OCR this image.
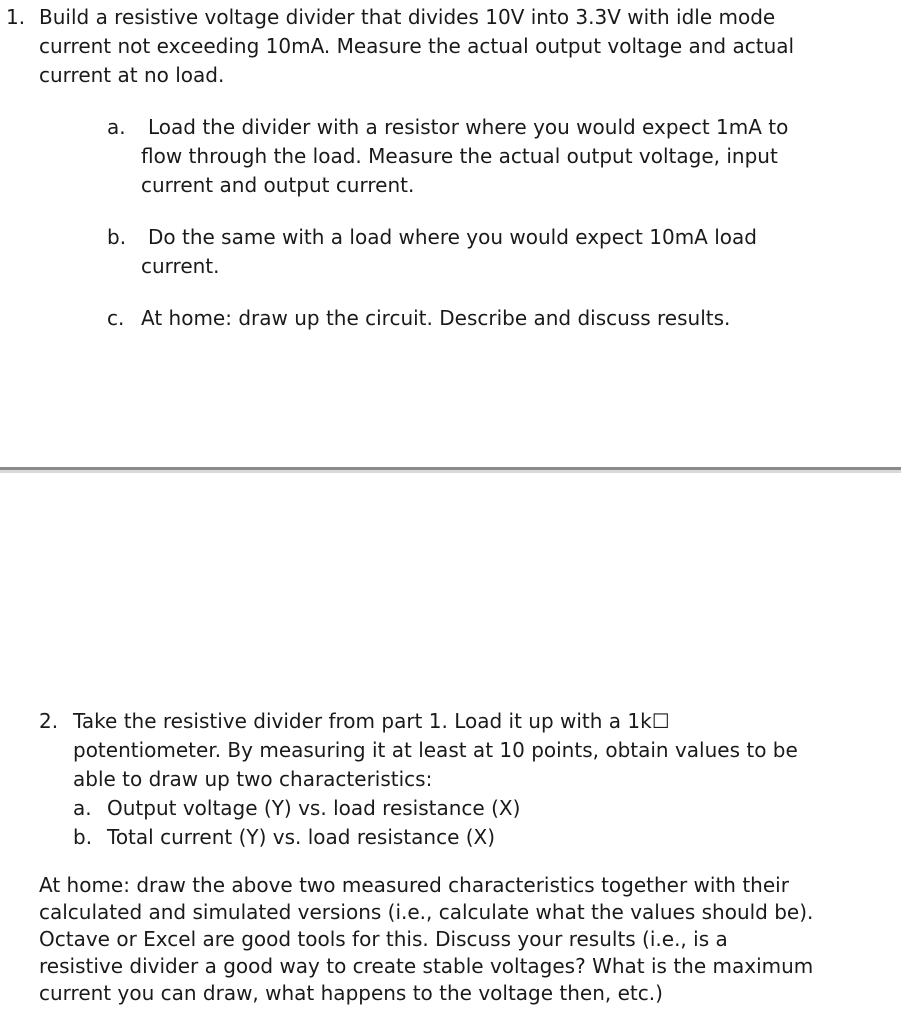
1. Build a resistive voltage divider that divides 10V into 3.3V with idle mode
current not exceeding 10mA. Measure the actual output voltage and actual
current at no load.
a. Load the divider with a resistor where you would expect 1mA to
flow through the load. Measure the actual output voltage, input
current and output current.
b. Do the same with a load where you would expect 10mA load
current.
c. At home: draw up the circuit. Describe and discuss results.
2. Take the resistive divider from part 1. Load it up with a 1k☐
potentiometer. By measuring it at least at 10 points, obtain values to be
able to draw up two characteristics:
a. Output voltage (Y) vs. load resistance (X)
b. Total current (Y) vs. load resistance (X)
At home: draw the above two measured characteristics together with their
calculated and simulated versions (i.e., calculate what the values should be).
Octave or Excel are good tools for this. Discuss your results (i.e., is a
resistive divider a good way to create stable voltages? What is the maximum
current you can draw, what happens to the voltage then, etc.)
